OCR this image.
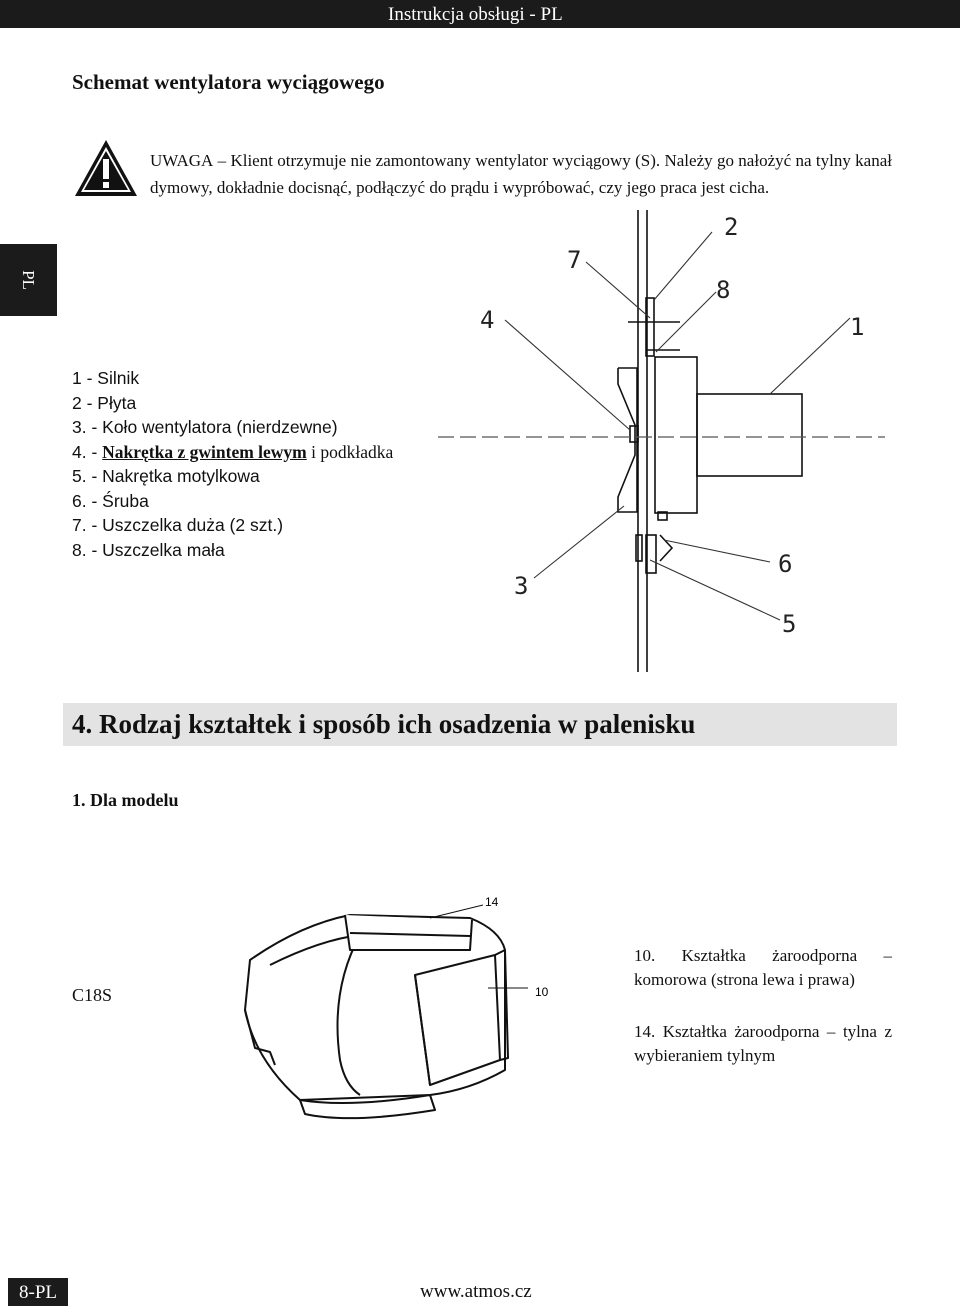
Instrukcja obsługi - PL
PL
Schemat wentylatora wyciągowego
UWAGA – Klient otrzymuje nie zamontowany wentylator wyciągowy (S). Należy go nałożyć na tylny kanał dymowy, dokładnie docisnąć, podłączyć do prądu i wypróbować, czy jego praca jest cicha.
1 - Silnik
2 - Płyta
3. - Koło wentylatora (nierdzewne)
4. - Nakrętka z gwintem lewym i podkładka
5. - Nakrętka motylkowa
6. - Śruba
7. - Uszczelka duża (2 szt.)
8. - Uszczelka mała
2
7
8
4	1
6
3
5
4. Rodzaj kształtek i sposób ich osadzenia w palenisku
1. Dla modelu
C18S
14
10
10. Kształtka żaroodporna – komorowa (strona lewa i prawa)
14. Kształtka żaroodporna – tylna z wybieraniem tylnym
8-PL	www.atmos.cz
